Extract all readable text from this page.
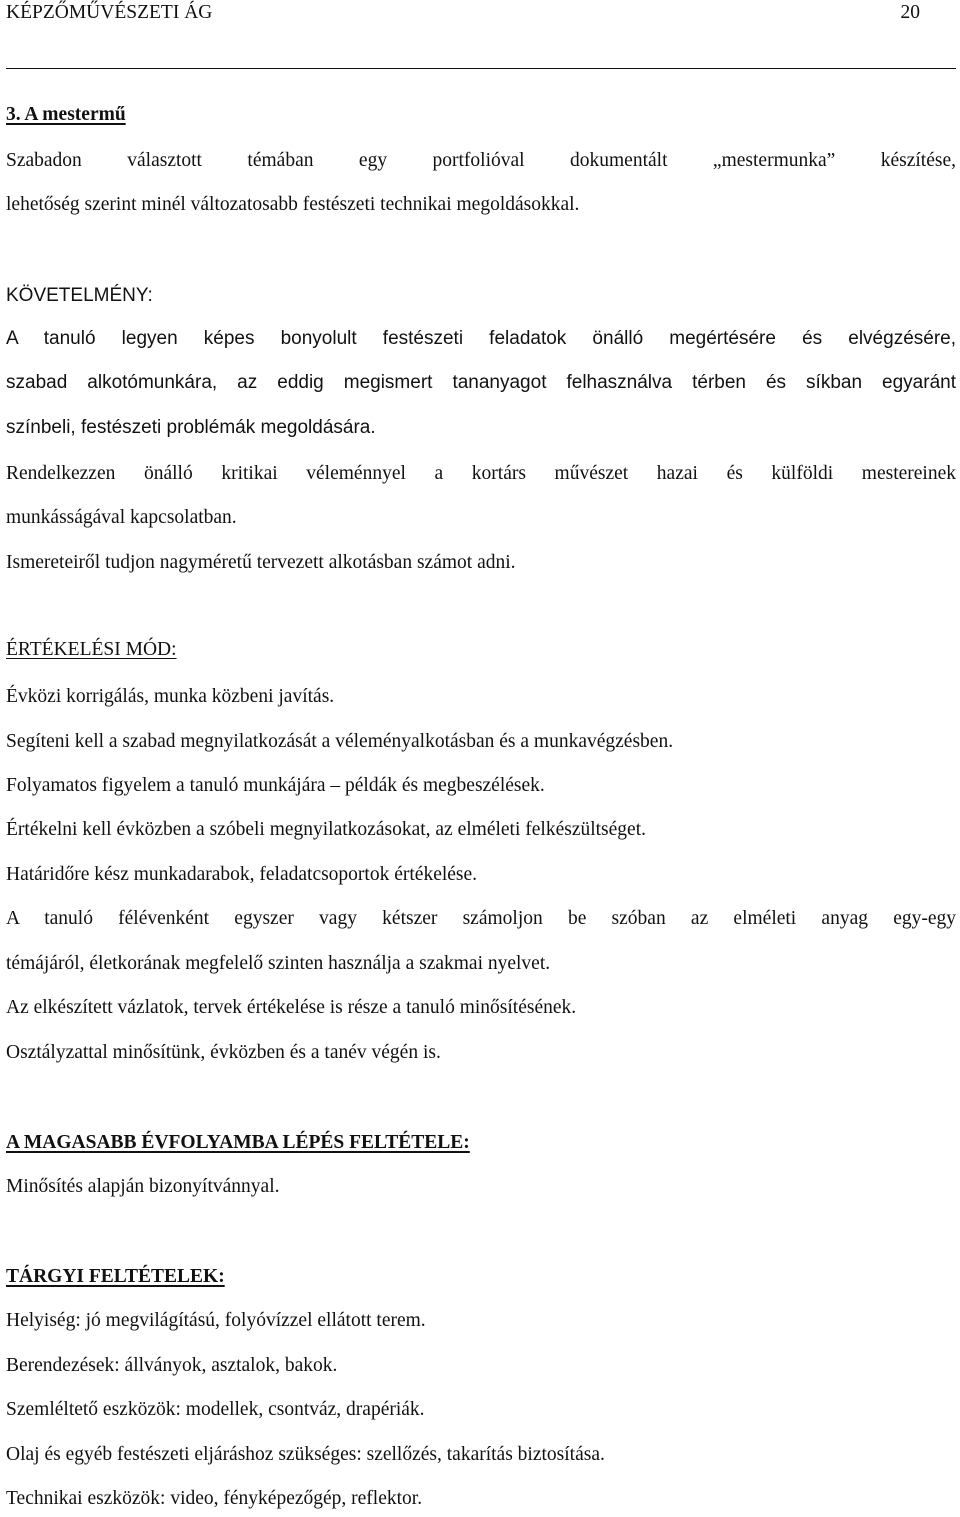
KÉPZŐMŰVÉSZETI ÁG	20
3. A mestermű
Szabadon választott témában egy portfolióval dokumentált „mestermunka” készítése,
lehetőség szerint minél változatosabb festészeti technikai megoldásokkal.
KÖVETELMÉNY:
A tanuló legyen képes bonyolult festészeti feladatok önálló megértésére és elvégzésére,
szabad alkotómunkára, az eddig megismert tananyagot felhasználva térben és síkban egyaránt
színbeli, festészeti problémák megoldására.
Rendelkezzen önálló kritikai véleménnyel a kortárs művészet hazai és külföldi mestereinek
munkásságával kapcsolatban.
Ismereteiről tudjon nagyméretű tervezett alkotásban számot adni.
ÉRTÉKELÉSI MÓD:
Évközi korrigálás, munka közbeni javítás.
Segíteni kell a szabad megnyilatkozását a véleményalkotásban és a munkavégzésben.
Folyamatos figyelem a tanuló munkájára – példák és megbeszélések.
Értékelni kell évközben a szóbeli megnyilatkozásokat, az elméleti felkészültséget.
Határidőre kész munkadarabok, feladatcsoportok értékelése.
A tanuló félévenként egyszer vagy kétszer számoljon be szóban az elméleti anyag egy-egy
témájáról, életkorának megfelelő szinten használja a szakmai nyelvet.
Az elkészített vázlatok, tervek értékelése is része a tanuló minősítésének.
Osztályzattal minősítünk, évközben és a tanév végén is.
A MAGASABB ÉVFOLYAMBA LÉPÉS FELTÉTELE:
Minősítés alapján bizonyítvánnyal.
TÁRGYI FELTÉTELEK:
Helyiség: jó megvilágítású, folyóvízzel ellátott terem.
Berendezések: állványok, asztalok, bakok.
Szemléltető eszközök: modellek, csontváz, drapériák.
Olaj és egyéb festészeti eljáráshoz szükséges: szellőzés, takarítás biztosítása.
Technikai eszközök: video, fényképezőgép, reflektor.
